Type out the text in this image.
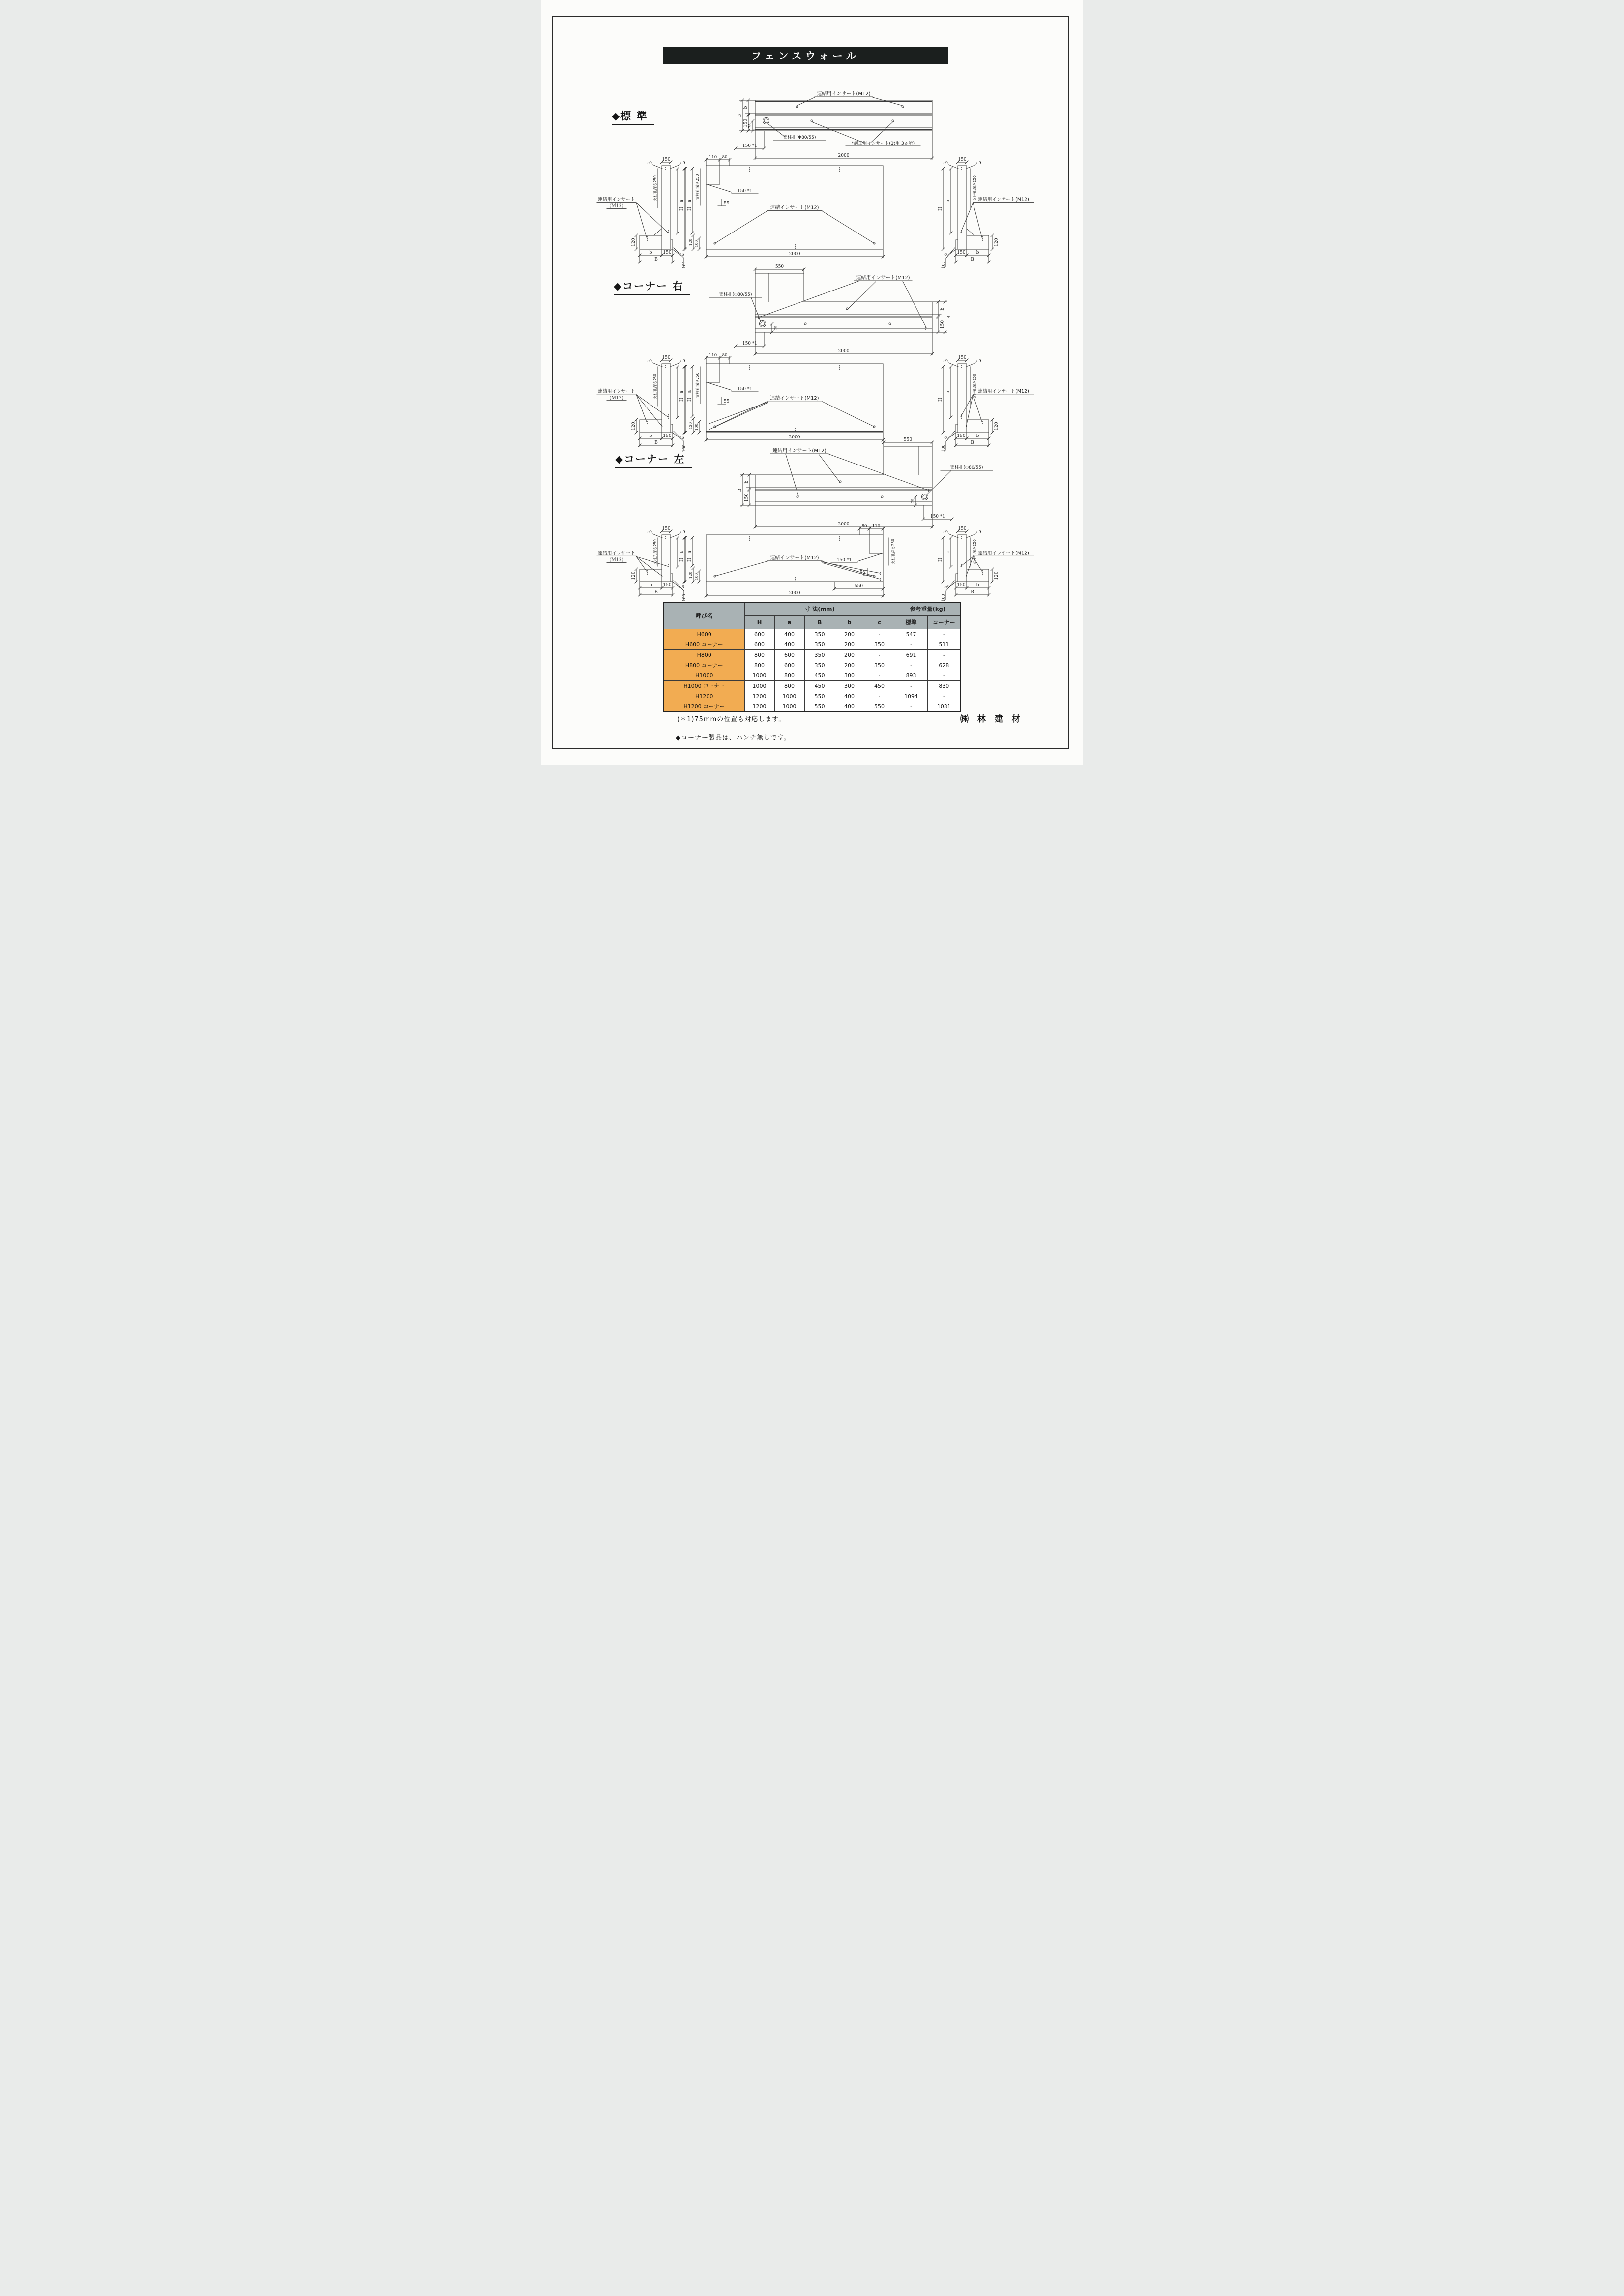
フェンスウォール
◆標 準
連結用インサート(M12)
*施工用インサート(1t用 3ヵ所)
支柱孔(Φ80/55)
B
b
150 75
150 *1
2000
150
c9	c9
支柱孔深さ250	a
H
120
b 150
B
c6
100
連結用インサート
(M12)
110 80
150 *1
55
支柱孔深さ250
a
H
120 100
連結インサート(M12)
2000
150
c9	c9
支柱孔深さ250
a
H
120
150 b
B
c6
100
連結用インサート(M12)
◆コーナー 右
550
75
支柱孔(Φ80/55)
連結用インサート(M12)
b
150
B
150 *1
2000
150
c9	c9
支柱孔深さ250	a
H
120
b 150
B
c6
100
連結用インサート
(M12)
110 80
150 *1
55
支柱孔深さ250
a
H
120 100
連結インサート(M12)
2000
150
c9	c9
支柱孔深さ250
a
H
120
150 b
B
c6
100
連結用インサート(M12)
◆コーナー 左
550
75
支柱孔(Φ80/55)
連結用インサート(M12)
b
150
B
150 *1
2000
150
c9	c9
支柱孔深さ250	a
H
120
b 150
B
c6
100
連結用インサート
(M12)
80 110
150 *1
55
支柱孔深さ250
a
H
120 100
連結インサート(M12)
550
2000
150
c9	c9
支柱孔深さ250
a
H
120
150 b
B
c6
100
連結用インサート(M12)
呼び名	寸 法(mm)					参考重量(kg)	
	H	a	B	b	c	標準	コーナー
H600	600	400	350	200	-	547	-
H600 コーナー	600	400	350	200	350	-	511
H800	800	600	350	200	-	691	-
H800 コーナー	800	600	350	200	350	-	628
H1000	1000	800	450	300	-	893	-
H1000 コーナー	1000	800	450	300	450	-	830
H1200	1200	1000	550	400	-	1094	-
H1200 コーナー	1200	1000	550	400	550	-	1031
(＊1)75mmの位置も対応します。
◆コーナー製品は、ハンチ無しです。
㈱ 林 建 材
